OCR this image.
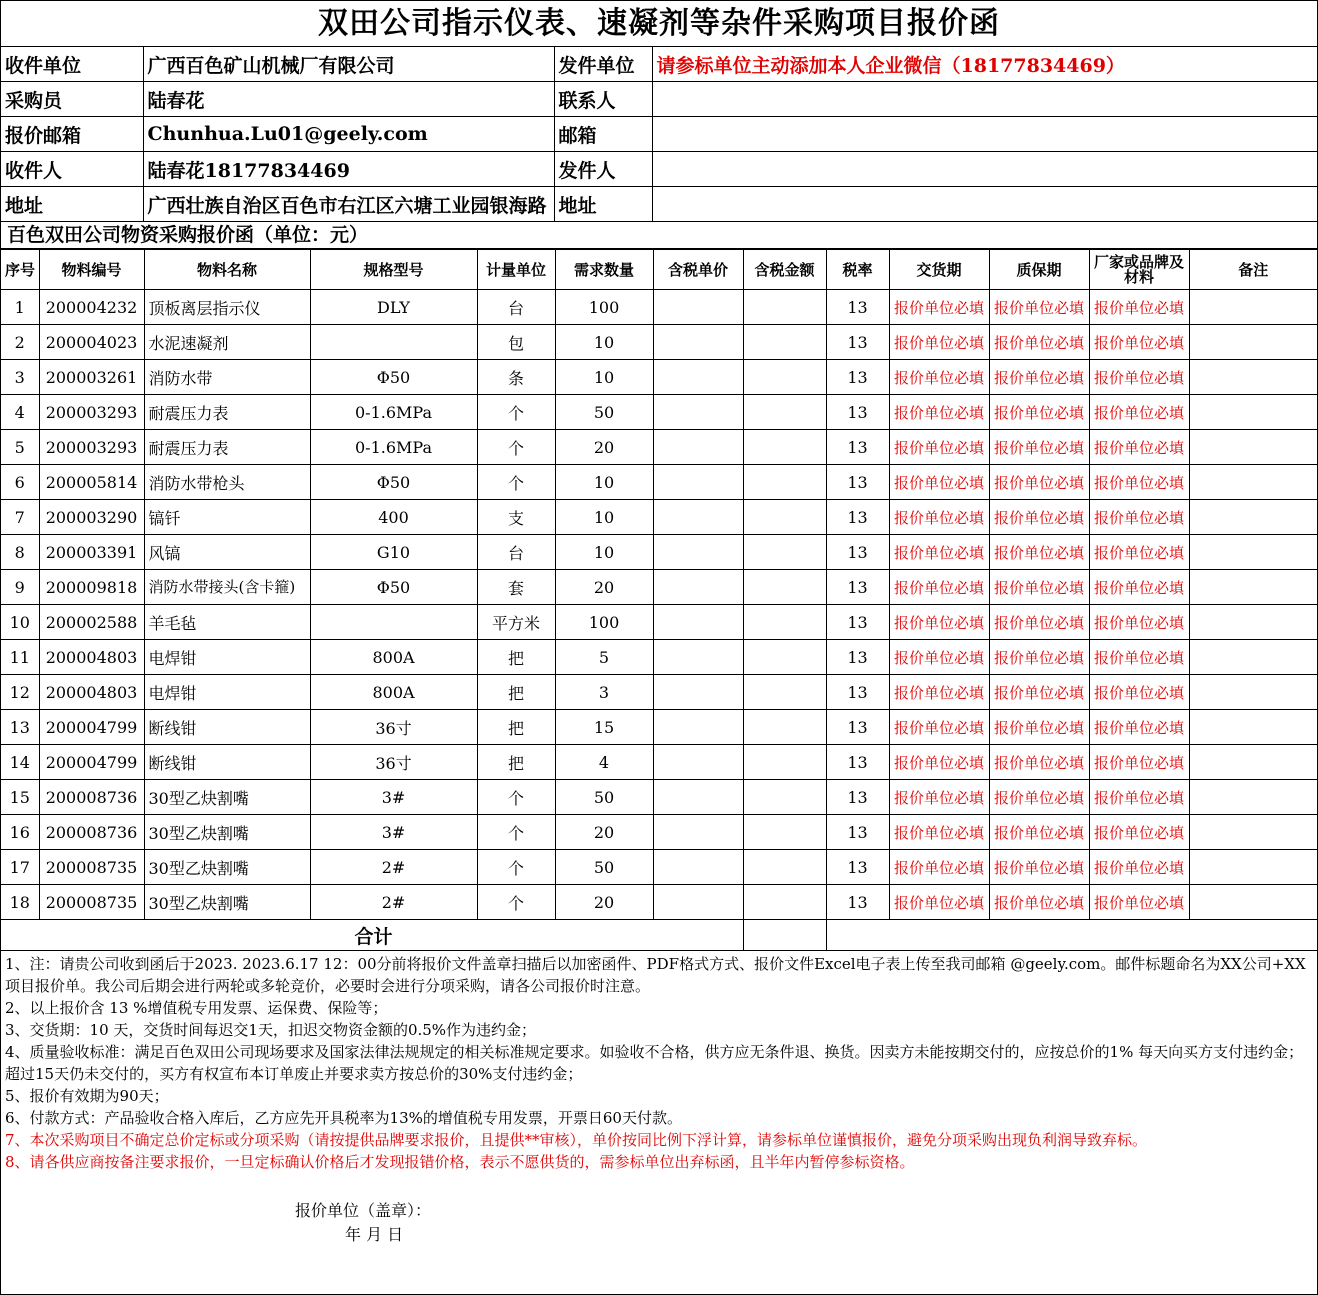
双田公司指示仪表、速凝剂等杂件采购项目报价函
收件单位	广西百色矿山机械厂有限公司	发件单位	请参标单位主动添加本人企业微信（18177834469）
采购员	陆春花	联系人	
报价邮箱	Chunhua.Lu01@geely.com	邮箱	
收件人	陆春花18177834469	发件人	
地址	广西壮族自治区百色市右江区六塘工业园银海路	地址	
百色双田公司物资采购报价函（单位：元）
序号	物料编号	物料名称	规格型号	计量单位	需求数量	含税单价	含税金额	税率	交货期	质保期	厂家或品牌及材料	备注
1	200004232	顶板离层指示仪	DLY	台	100			13	报价单位必填	报价单位必填	报价单位必填	
2	200004023	水泥速凝剂		包	10			13	报价单位必填	报价单位必填	报价单位必填	
3	200003261	消防水带	Φ50	条	10			13	报价单位必填	报价单位必填	报价单位必填	
4	200003293	耐震压力表	0-1.6MPa	个	50			13	报价单位必填	报价单位必填	报价单位必填	
5	200003293	耐震压力表	0-1.6MPa	个	20			13	报价单位必填	报价单位必填	报价单位必填	
6	200005814	消防水带枪头	Φ50	个	10			13	报价单位必填	报价单位必填	报价单位必填	
7	200003290	镐钎	400	支	10			13	报价单位必填	报价单位必填	报价单位必填	
8	200003391	风镐	G10	台	10			13	报价单位必填	报价单位必填	报价单位必填	
9	200009818	消防水带接头(含卡箍)	Φ50	套	20			13	报价单位必填	报价单位必填	报价单位必填	
10	200002588	羊毛毡		平方米	100			13	报价单位必填	报价单位必填	报价单位必填	
11	200004803	电焊钳	800A	把	5			13	报价单位必填	报价单位必填	报价单位必填	
12	200004803	电焊钳	800A	把	3			13	报价单位必填	报价单位必填	报价单位必填	
13	200004799	断线钳	36寸	把	15			13	报价单位必填	报价单位必填	报价单位必填	
14	200004799	断线钳	36寸	把	4			13	报价单位必填	报价单位必填	报价单位必填	
15	200008736	30型乙炔割嘴	3#	个	50			13	报价单位必填	报价单位必填	报价单位必填	
16	200008736	30型乙炔割嘴	3#	个	20			13	报价单位必填	报价单位必填	报价单位必填	
17	200008735	30型乙炔割嘴	2#	个	50			13	报价单位必填	报价单位必填	报价单位必填	
18	200008735	30型乙炔割嘴	2#	个	20			13	报价单位必填	报价单位必填	报价单位必填	
合计												

1、注：请贵公司收到函后于2023. 2023.6.17 12：00分前将报价文件盖章扫描后以加密函件、PDF格式方式、报价文件Excel电子表上传至我司邮箱 @geely.com。邮件标题命名为XX公司+XX项目报价单。我公司后期会进行两轮或多轮竞价，必要时会进行分项采购，请各公司报价时注意。

2、以上报价含 13 %增值税专用发票、运保费、保险等；

3、交货期：10 天，交货时间每迟交1天，扣迟交物资金额的0.5%作为违约金；

4、质量验收标准：满足百色双田公司现场要求及国家法律法规规定的相关标准规定要求。如验收不合格，供方应无条件退、换货。因卖方未能按期交付的，应按总价的1% 每天向买方支付违约金；超过15天仍未交付的，买方有权宣布本订单废止并要求卖方按总价的30%支付违约金；

5、报价有效期为90天；

6、付款方式：产品验收合格入库后，乙方应先开具税率为13%的增值税专用发票，开票日60天付款。

7、本次采购项目不确定总价定标或分项采购（请按提供品牌要求报价，且提供**审核），单价按同比例下浮计算，请参标单位谨慎报价，避免分项采购出现负利润导致弃标。

8、请各供应商按备注要求报价，一旦定标确认价格后才发现报错价格，表示不愿供货的，需参标单位出弃标函，且半年内暂停参标资格。

报价单位（盖章）：

年 月 日
